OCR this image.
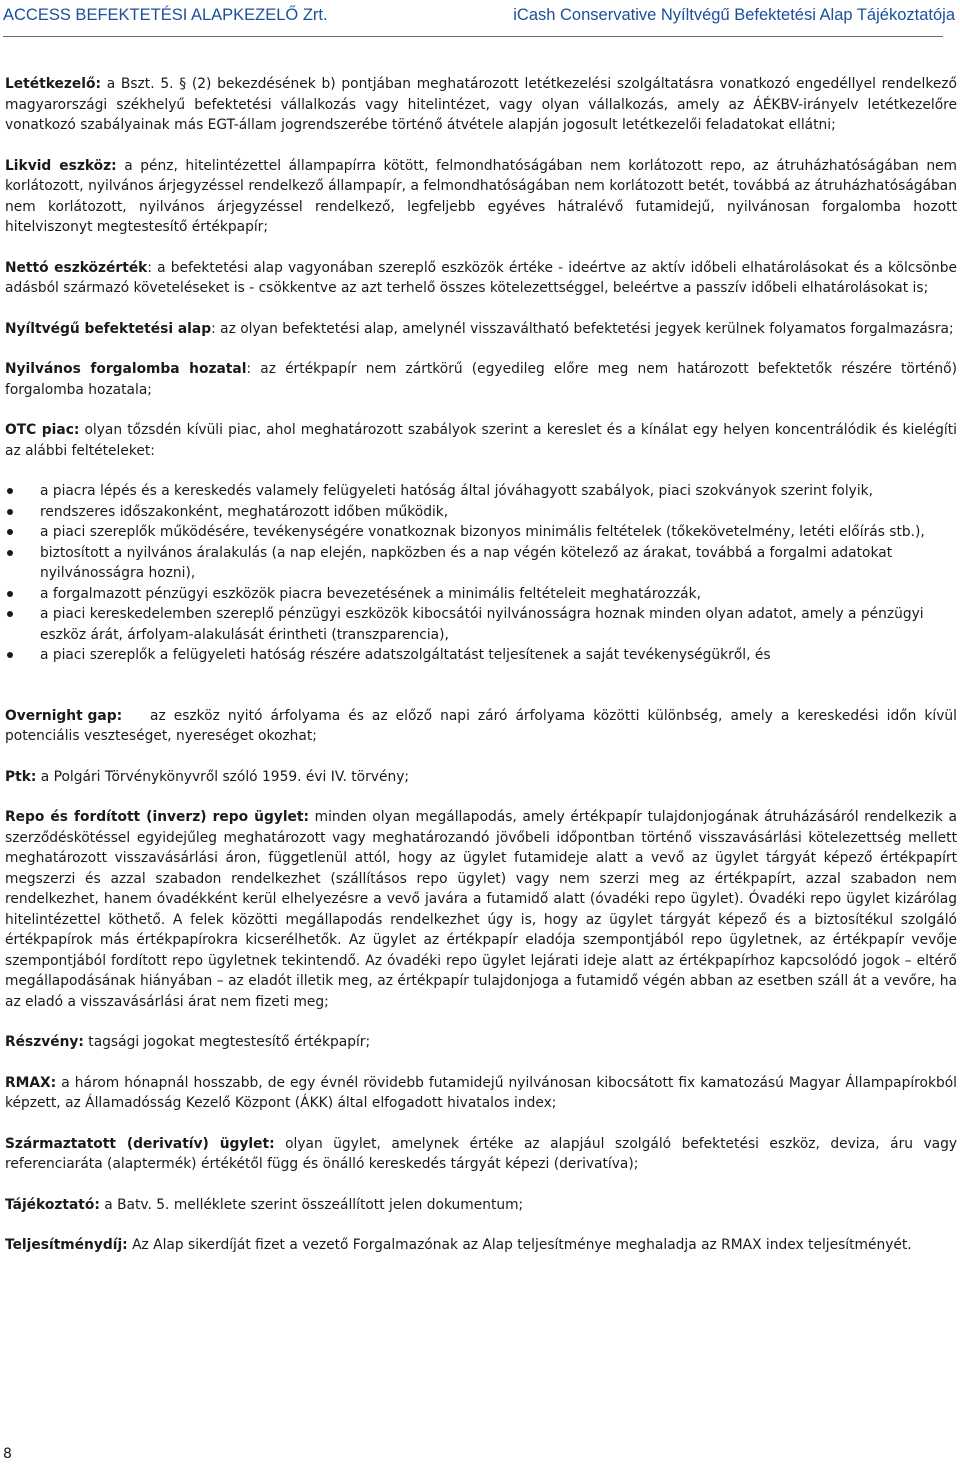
ACCESS BEFEKTETÉSI ALAPKEZELŐ Zrt.	iCash Conservative Nyíltvégű Befektetési Alap Tájékoztatója

Letétkezelő: a Bszt. 5. § (2) bekezdésének b) pontjában meghatározott letétkezelési szolgáltatásra vonatkozó engedéllyel rendelkező magyarországi székhelyű befektetési vállalkozás vagy hitelintézet, vagy olyan vállalkozás, amely az ÁÉKBV-irányelv letétkezelőre vonatkozó szabályainak más EGT-állam jogrendszerébe történő átvétele alapján jogosult letétkezelői feladatokat ellátni;

Likvid eszköz: a pénz, hitelintézettel állampapírra kötött, felmondhatóságában nem korlátozott repo, az átruházhatóságában nem korlátozott, nyilvános árjegyzéssel rendelkező állampapír, a felmondhatóságában nem korlátozott betét, továbbá az átruházhatóságában nem korlátozott, nyilvános árjegyzéssel rendelkező, legfeljebb egyéves hátralévő futamidejű, nyilvánosan forgalomba hozott hitelviszonyt megtestesítő értékpapír;

Nettó eszközérték: a befektetési alap vagyonában szereplő eszközök értéke - ideértve az aktív időbeli elhatárolásokat és a kölcsönbe adásból származó követeléseket is - csökkentve az azt terhelő összes kötelezettséggel, beleértve a passzív időbeli elhatárolásokat is;

Nyíltvégű befektetési alap: az olyan befektetési alap, amelynél visszaváltható befektetési jegyek kerülnek folyamatos forgalmazásra;

Nyilvános forgalomba hozatal: az értékpapír nem zártkörű (egyedileg előre meg nem határozott befektetők részére történő) forgalomba hozatala;

OTC piac: olyan tőzsdén kívüli piac, ahol meghatározott szabályok szerint a kereslet és a kínálat egy helyen koncentrálódik és kielégíti az alábbi feltételeket:

a piacra lépés és a kereskedés valamely felügyeleti hatóság által jóváhagyott szabályok, piaci szokványok szerint folyik,
rendszeres időszakonként, meghatározott időben működik,
a piaci szereplők működésére, tevékenységére vonatkoznak bizonyos minimális feltételek (tőkekövetelmény, letéti előírás stb.),
biztosított a nyilvános áralakulás (a nap elején, napközben és a nap végén kötelező az árakat, továbbá a forgalmi adatokat nyilvánosságra hozni),
a forgalmazott pénzügyi eszközök piacra bevezetésének a minimális feltételeit meghatározzák,
a piaci kereskedelemben szereplő pénzügyi eszközök kibocsátói nyilvánosságra hoznak minden olyan adatot, amely a pénzügyi eszköz árát, árfolyam-alakulását érintheti (transzparencia),
a piaci szereplők a felügyeleti hatóság részére adatszolgáltatást teljesítenek a saját tevékenységükről, és

Overnight gap: az eszköz nyitó árfolyama és az előző napi záró árfolyama közötti különbség, amely a kereskedési időn kívül potenciális veszteséget, nyereséget okozhat;

Ptk: a Polgári Törvénykönyvről szóló 1959. évi IV. törvény;

Repo és fordított (inverz) repo ügylet: minden olyan megállapodás, amely értékpapír tulajdonjogának átruházásáról rendelkezik a szerződéskötéssel egyidejűleg meghatározott vagy meghatározandó jövőbeli időpontban történő visszavásárlási kötelezettség mellett meghatározott visszavásárlási áron, függetlenül attól, hogy az ügylet futamideje alatt a vevő az ügylet tárgyát képező értékpapírt megszerzi és azzal szabadon rendelkezhet (szállításos repo ügylet) vagy nem szerzi meg az értékpapírt, azzal szabadon nem rendelkezhet, hanem óvadékként kerül elhelyezésre a vevő javára a futamidő alatt (óvadéki repo ügylet). Óvadéki repo ügylet kizárólag hitelintézettel köthető. A felek közötti megállapodás rendelkezhet úgy is, hogy az ügylet tárgyát képező és a biztosítékul szolgáló értékpapírok más értékpapírokra kicserélhetők. Az ügylet az értékpapír eladója szempontjából repo ügyletnek, az értékpapír vevője szempontjából fordított repo ügyletnek tekintendő. Az óvadéki repo ügylet lejárati ideje alatt az értékpapírhoz kapcsolódó jogok – eltérő megállapodásának hiányában – az eladót illetik meg, az értékpapír tulajdonjoga a futamidő végén abban az esetben száll át a vevőre, ha az eladó a visszavásárlási árat nem fizeti meg;

Részvény: tagsági jogokat megtestesítő értékpapír;

RMAX: a három hónapnál hosszabb, de egy évnél rövidebb futamidejű nyilvánosan kibocsátott fix kamatozású Magyar Állampapírokból képzett, az Államadósság Kezelő Központ (ÁKK) által elfogadott hivatalos index;

Származtatott (derivatív) ügylet: olyan ügylet, amelynek értéke az alapjául szolgáló befektetési eszköz, deviza, áru vagy referenciaráta (alaptermék) értékétől függ és önálló kereskedés tárgyát képezi (derivatíva);

Tájékoztató: a Batv. 5. melléklete szerint összeállított jelen dokumentum;

Teljesítménydíj: Az Alap sikerdíját fizet a vezető Forgalmazónak az Alap teljesítménye meghaladja az RMAX index teljesítményét.

8
